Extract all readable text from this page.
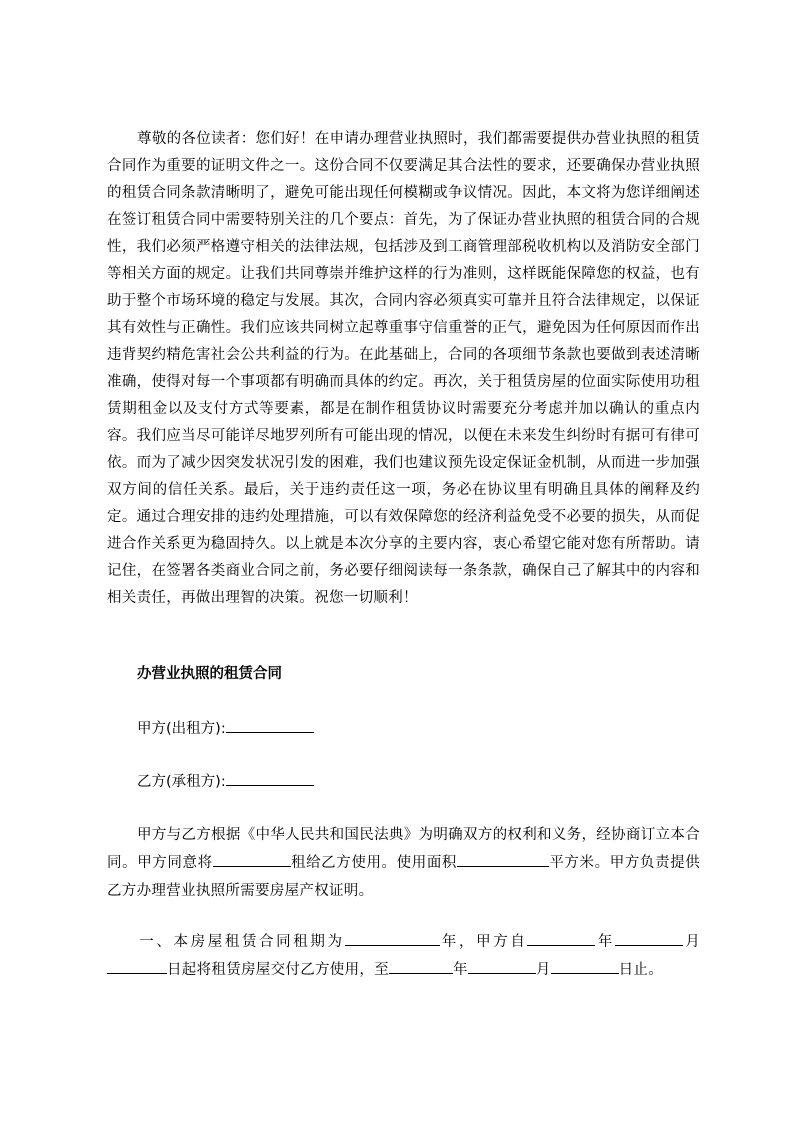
尊敬的各位读者：您们好！在申请办理营业执照时，我们都需要提供办营业执照的租赁合同作为重要的证明文件之一。这份合同不仅要满足其合法性的要求，还要确保办营业执照的租赁合同条款清晰明了，避免可能出现任何模糊或争议情况。因此，本文将为您详细阐述在签订租赁合同中需要特别关注的几个要点：首先，为了保证办营业执照的租赁合同的合规性，我们必须严格遵守相关的法律法规，包括涉及到工商管理部税收机构以及消防安全部门等相关方面的规定。让我们共同尊崇并维护这样的行为准则，这样既能保障您的权益，也有助于整个市场环境的稳定与发展。其次，合同内容必须真实可靠并且符合法律规定，以保证其有效性与正确性。我们应该共同树立起尊重事守信重誉的正气，避免因为任何原因而作出违背契约精危害社会公共利益的行为。在此基础上，合同的各项细节条款也要做到表述清晰准确，使得对每一个事项都有明确而具体的约定。再次，关于租赁房屋的位面实际使用功租赁期租金以及支付方式等要素，都是在制作租赁协议时需要充分考虑并加以确认的重点内容。我们应当尽可能详尽地罗列所有可能出现的情况，以便在未来发生纠纷时有据可有律可依。而为了减少因突发状况引发的困难，我们也建议预先设定保证金机制，从而进一步加强双方间的信任关系。最后，关于违约责任这一项，务必在协议里有明确且具体的阐释及约定。通过合理安排的违约处理措施，可以有效保障您的经济利益免受不必要的损失，从而促进合作关系更为稳固持久。以上就是本次分享的主要内容，衷心希望它能对您有所帮助。请记住，在签署各类商业合同之前，务必要仔细阅读每一条条款，确保自己了解其中的内容和相关责任，再做出理智的决策。祝您一切顺利！
办营业执照的租赁合同
甲方(出租方):
乙方(承租方):
甲方与乙方根据《中华人民共和国民法典》为明确双方的权利和义务，经协商订立本合同。甲方同意将	租给乙方使用。使用面积	平方米。甲方负责提供乙方办理营业执照所需要房屋产权证明。
一、本房屋租赁合同租期为	年，甲方自	年	月日起将租赁房屋交付乙方使用，至	年	月	日止。
